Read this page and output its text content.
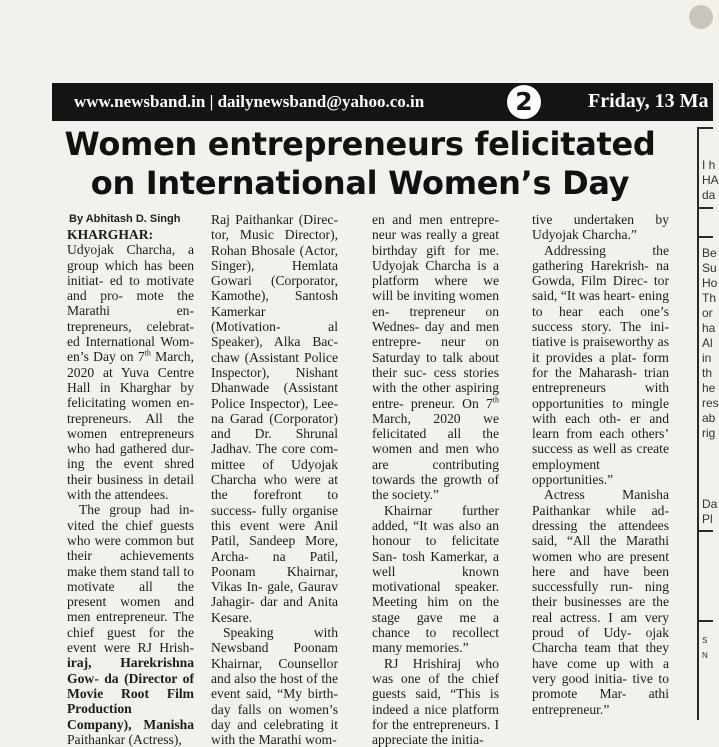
www.newsband.in | dailynewsband@yahoo.co.in	2	Friday, 13 Ma
Women entrepreneurs felicitated
on International Women’s Day
By Abhitash D. Singh

KHARGHAR: Udyojak Charcha, a group which has been initiat- ed to motivate and pro- mote the Marathi en- trepreneurs, celebrat- ed International Wom- en’s Day on 7th March, 2020 at Yuva Centre Hall in Kharghar by felicitating women en- trepreneurs. All the women entrepreneurs who had gathered dur- ing the event shred their business in detail with the attendees.

The group had in- vited the chief guests who were common but their achievements make them stand tall to motivate all the present women and men entrepreneur. The chief guest for the event were RJ Hrish- iraj, Harekrishna Gow- da (Director of Movie Root Film Production Company), Manisha Paithankar (Actress),

Raj Paithankar (Direc- tor, Music Director), Rohan Bhosale (Actor, Singer), Hemlata Gowari (Corporator, Kamothe), Santosh Kamerkar (Motivation- al Speaker), Alka Bac- chaw (Assistant Police Inspector), Nishant Dhanwade (Assistant Police Inspector), Lee- na Garad (Corporator) and Dr. Shrunal Jadhav. The core com- mittee of Udyojak Charcha who were at the forefront to success- fully organise this event were Anil Patil, Sandeep More, Archa- na Patil, Poonam Khairnar, Vikas In- gale, Gaurav Jahagir- dar and Anita Kesare.

Speaking with Newsband Poonam Khairnar, Counsellor and also the host of the event said, “My birth- day falls on women’s day and celebrating it with the Marathi wom-

en and men entrepre- neur was really a great birthday gift for me. Udyojak Charcha is a platform where we will be inviting women en- trepreneur on Wednes- day and men entrepre- neur on Saturday to talk about their suc- cess stories with the other aspiring entre- preneur. On 7th March, 2020 we felicitated all the women and men who are contributing towards the growth of the society.”

Khairnar further added, “It was also an honour to felicitate San- tosh Kamerkar, a well known motivational speaker. Meeting him on the stage gave me a chance to recollect many memories.”

RJ Hrishiraj who was one of the chief guests said, “This is indeed a nice platform for the entrepreneurs. I appreciate the initia-

tive undertaken by Udyojak Charcha.”

Addressing the gathering Harekrish- na Gowda, Film Direc- tor said, “It was heart- ening to hear each one’s success story. The ini- tiative is praiseworthy as it provides a plat- form for the Maharash- trian entrepreneurs with opportunities to mingle with each oth- er and learn from each others’ success as well as create employment opportunities.”

Actress Manisha Paithankar while ad- dressing the attendees said, “All the Marathi women who are present here and have been successfully run- ning their businesses are the real actress. I am very proud of Udy- ojak Charcha team that they have come up with a very good initia- tive to promote Mar- athi entrepreneur.”

I h
HA
da
Be
Su
Ho
Th
or
ha
Al
in
th
he
res
ab
rig
Da
Pl
S
N
